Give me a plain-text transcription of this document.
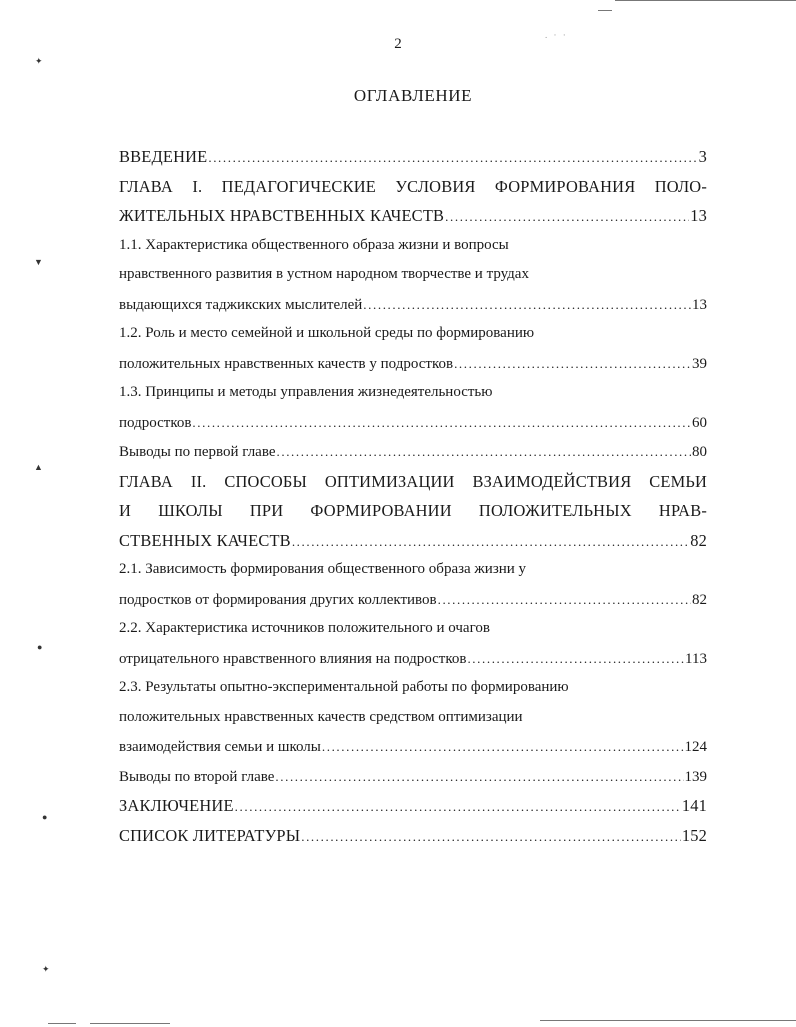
2
ОГЛАВЛЕНИЕ
ВВЕДЕНИЕ .....	3
ГЛАВА I. ПЕДАГОГИЧЕСКИЕ УСЛОВИЯ ФОРМИРОВАНИЯ ПОЛО-
ЖИТЕЛЬНЫХ НРАВСТВЕННЫХ КАЧЕСТВ .....	13
1.1. Характеристика общественного образа жизни и вопросы
нравственного развития в устном народном творчестве и трудах
выдающихся таджикских мыслителей .....	13
1.2. Роль и место семейной и школьной среды по формированию
положительных нравственных качеств у подростков .....	39
1.3. Принципы и методы управления жизнедеятельностью
подростков .....	60
Выводы по первой главе .....	80
ГЛАВА II. СПОСОБЫ ОПТИМИЗАЦИИ ВЗАИМОДЕЙСТВИЯ СЕМЬИ
И ШКОЛЫ ПРИ ФОРМИРОВАНИИ ПОЛОЖИТЕЛЬНЫХ НРАВ-
СТВЕННЫХ КАЧЕСТВ .....	82
2.1. Зависимость формирования общественного образа жизни у
подростков от формирования других коллективов .....	82
2.2. Характеристика источников положительного и очагов
отрицательного нравственного влияния на подростков .....	113
2.3. Результаты опытно-экспериментальной работы по формированию
положительных нравственных качеств средством оптимизации
взаимодействия семьи и школы .....	124
Выводы по второй главе .....	139
ЗАКЛЮЧЕНИЕ .....	141
СПИСОК ЛИТЕРАТУРЫ .....	152
✦
▼
▲
●
●
✦
. · ·
